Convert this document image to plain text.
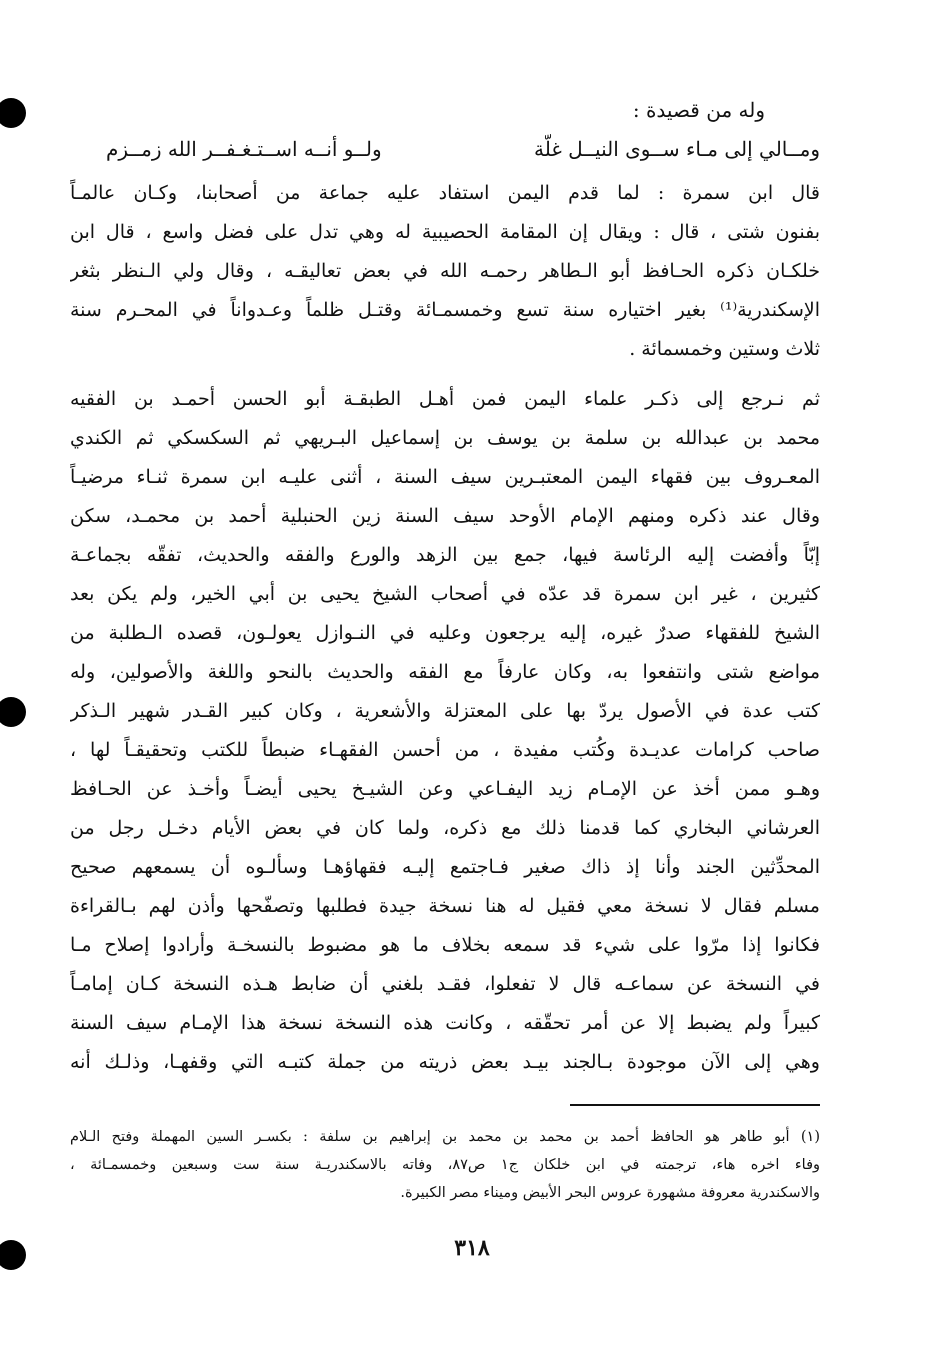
وله من قصيدة :
ومــالي إلى مـاء ســوى النيــل غلّة
ولــو أنــه اســتـغـفــر الله زمــزم
قال ابن سمرة : لما قدم اليمن استفاد عليه جماعة من أصحابنا، وكـان عالمـاً
بفنون شتى ، قال : ويقال إن المقامة الحصيبية له وهي تدل على فضل واسع ، قال ابن
خلكـان ذكره الحـافظ أبو الـطاهر رحمـه الله في بعض تعاليقـه ، وقال ولي الـنظر بثغر
الإسكندرية⁽¹⁾ بغير اختياره سنة تسع وخمسمـائة وقتـل ظلماً وعـدواناً في المحـرم سنة
ثلاث وستين وخمسمائة .
ثم نـرجع إلى ذكـر علماء اليمن فمن أهـل الطبقـة أبو الحسن أحمـد بن الفقيه
محمد بن عبدالله بن سلمة بن يوسف بن إسماعيل البـريهي ثم السكسكي ثم الكندي
المعـروف بين فقهاء اليمن المعتبـرين سيف السنة ، أثنى عليـه ابن سمرة ثنـاء مرضيـاً
وقال عند ذكره ومنهم الإمام الأوحد سيف السنة زين الحنبلية أحمد بن محمـد، سكن
إبّاً وأفضت إليه الرئاسة فيها، جمع بين الزهد والورع والفقه والحديث، تفقّه بجماعـة
كثيرين ، غير ابن سمرة قد عدّه في أصحاب الشيخ يحيى بن أبي الخير، ولم يكن بعد
الشيخ للفقهاء صدرٌ غيره، إليه يرجعون وعليه في النـوازل يعولـون، قصده الـطلبة من
مواضع شتى وانتفعوا به، وكان عارفاً مع الفقه والحديث بالنحو واللغة والأصولين، وله
كتب عدة في الأصول يردّ بها على المعتزلة والأشعرية ، وكان كبير القـدر شهير الـذكر
صاحب كرامات عديـدة وكُتب مفيدة ، من أحسن الفقهـاء ضبطاً للكتب وتحقيقـاً لها ،
وهـو ممن أخذ عن الإمـام زيد اليفـاعي وعن الشيـخ يحيى أيضـاً وأخـذ عن الحـافظ
العرشاني البخاري كما قدمنا ذلك مع ذكره، ولما كان في بعض الأيام دخـل رجل من
المحدِّثين الجند وأنا إذ ذاك صغير فـاجتمع إليـه فقهاؤهـا وسألـوه أن يسمعهم صحيح
مسلم فقال لا نسخة معي فقيل له هنا نسخة جيدة فطلبها وتصفّحها وأذن لهم بـالقراءة
فكانوا إذا مرّوا على شيء قد سمعه بخلاف ما هو مضبوط بالنسخـة وأرادوا إصلاح مـا
في النسخة عن سماعـه قال لا تفعلوا، فقـد بلغني أن ضابط هـذه النسخة كـان إمامـاً
كبيراً ولم يضبط إلا عن أمر تحقّقه ، وكانت هذه النسخة نسخة هذا الإمـام سيف السنة
وهي إلى الآن موجودة بـالجند بيـد بعض ذريته من جملة كتبـه التي وقفهـا، وذلـك أنه
(١) أبو طاهر هو الحافظ أحمد بن محمد بن محمد بن إبراهيم بن سلفة : بكسـر السين المهملة وفتح الـلام
وفاء اخره هاء، ترجمته في ابن خلكان ج١ ص٨٧، وفاته بالاسكندريـة سنة ست وسبعين وخمسمـائة ،
والاسكندرية معروفة مشهورة عروس البحر الأبيض وميناء مصر الكبيرة.
٣١٨
